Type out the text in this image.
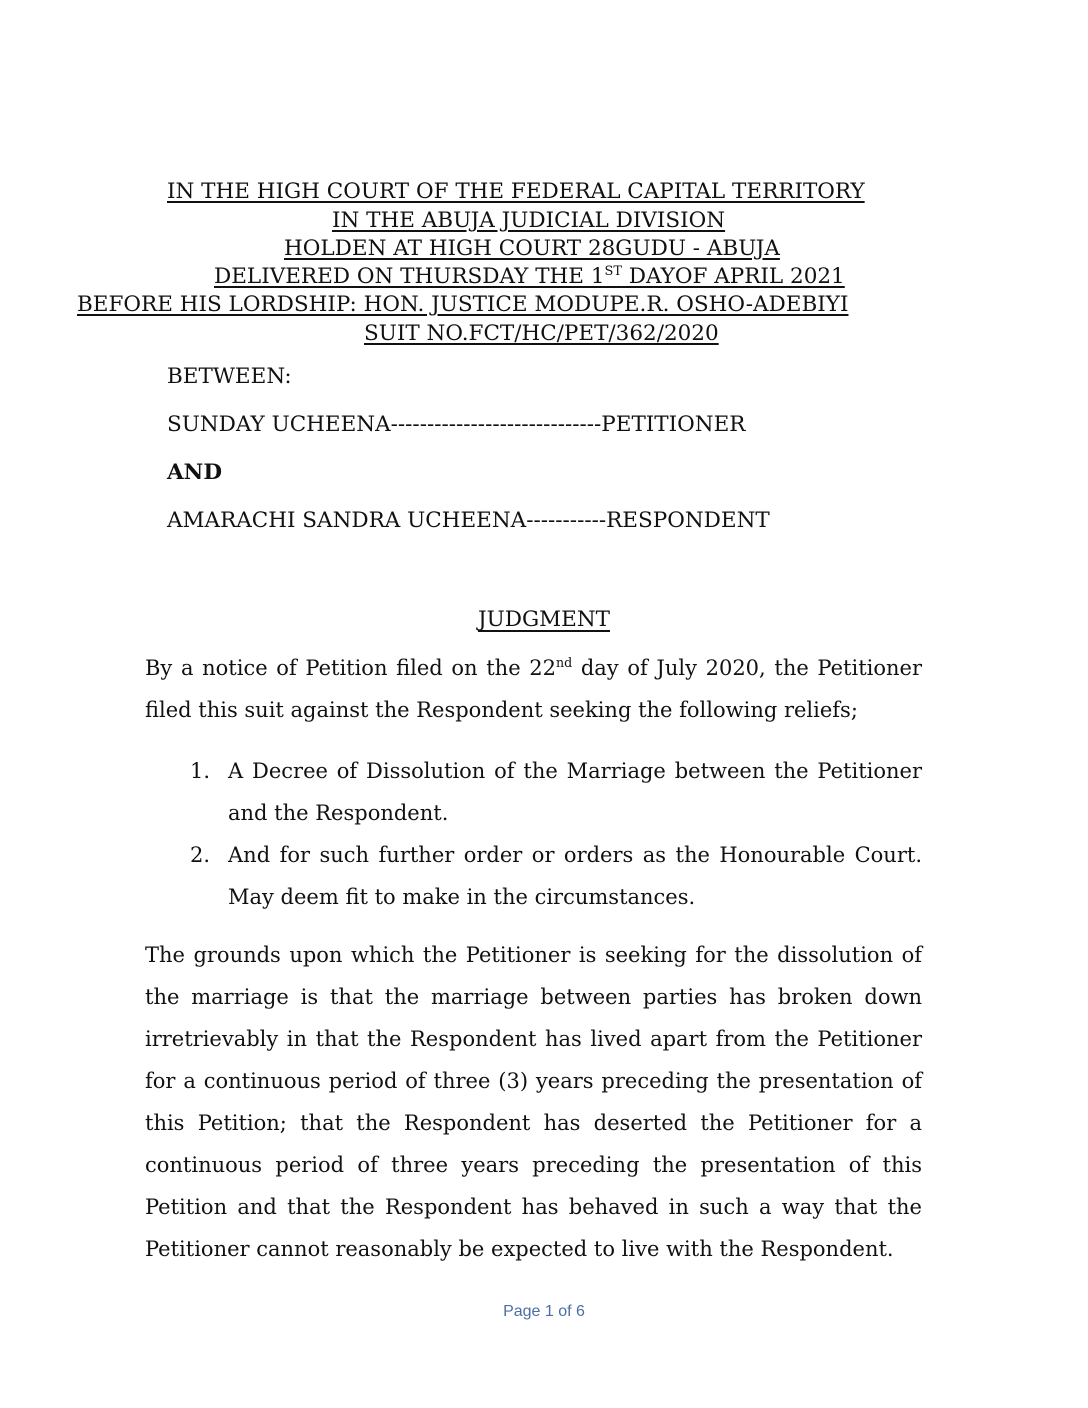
IN THE HIGH COURT OF THE FEDERAL CAPITAL TERRITORY
IN THE ABUJA JUDICIAL DIVISION
HOLDEN AT HIGH COURT 28GUDU - ABUJA
DELIVERED ON THURSDAY THE 1ST DAYOF APRIL 2021
BEFORE HIS LORDSHIP: HON. JUSTICE MODUPE.R. OSHO-ADEBIYI
SUIT NO.FCT/HC/PET/362/2020
BETWEEN:
SUNDAY UCHEENA-----------------------------PETITIONER
AND
AMARACHI SANDRA UCHEENA-----------RESPONDENT
JUDGMENT

By a notice of Petition filed on the 22nd day of July 2020, the Petitioner filed this suit against the Respondent seeking the following reliefs;

1. A Decree of Dissolution of the Marriage between the Petitioner and the Respondent.
2. And for such further order or orders as the Honourable Court. May deem fit to make in the circumstances.

The grounds upon which the Petitioner is seeking for the dissolution of the marriage is that the marriage between parties has broken down irretrievably in that the Respondent has lived apart from the Petitioner for a continuous period of three (3) years preceding the presentation of this Petition; that the Respondent has deserted the Petitioner for a continuous period of three years preceding the presentation of this Petition and that the Respondent has behaved in such a way that the Petitioner cannot reasonably be expected to live with the Respondent.

Page 1 of 6
